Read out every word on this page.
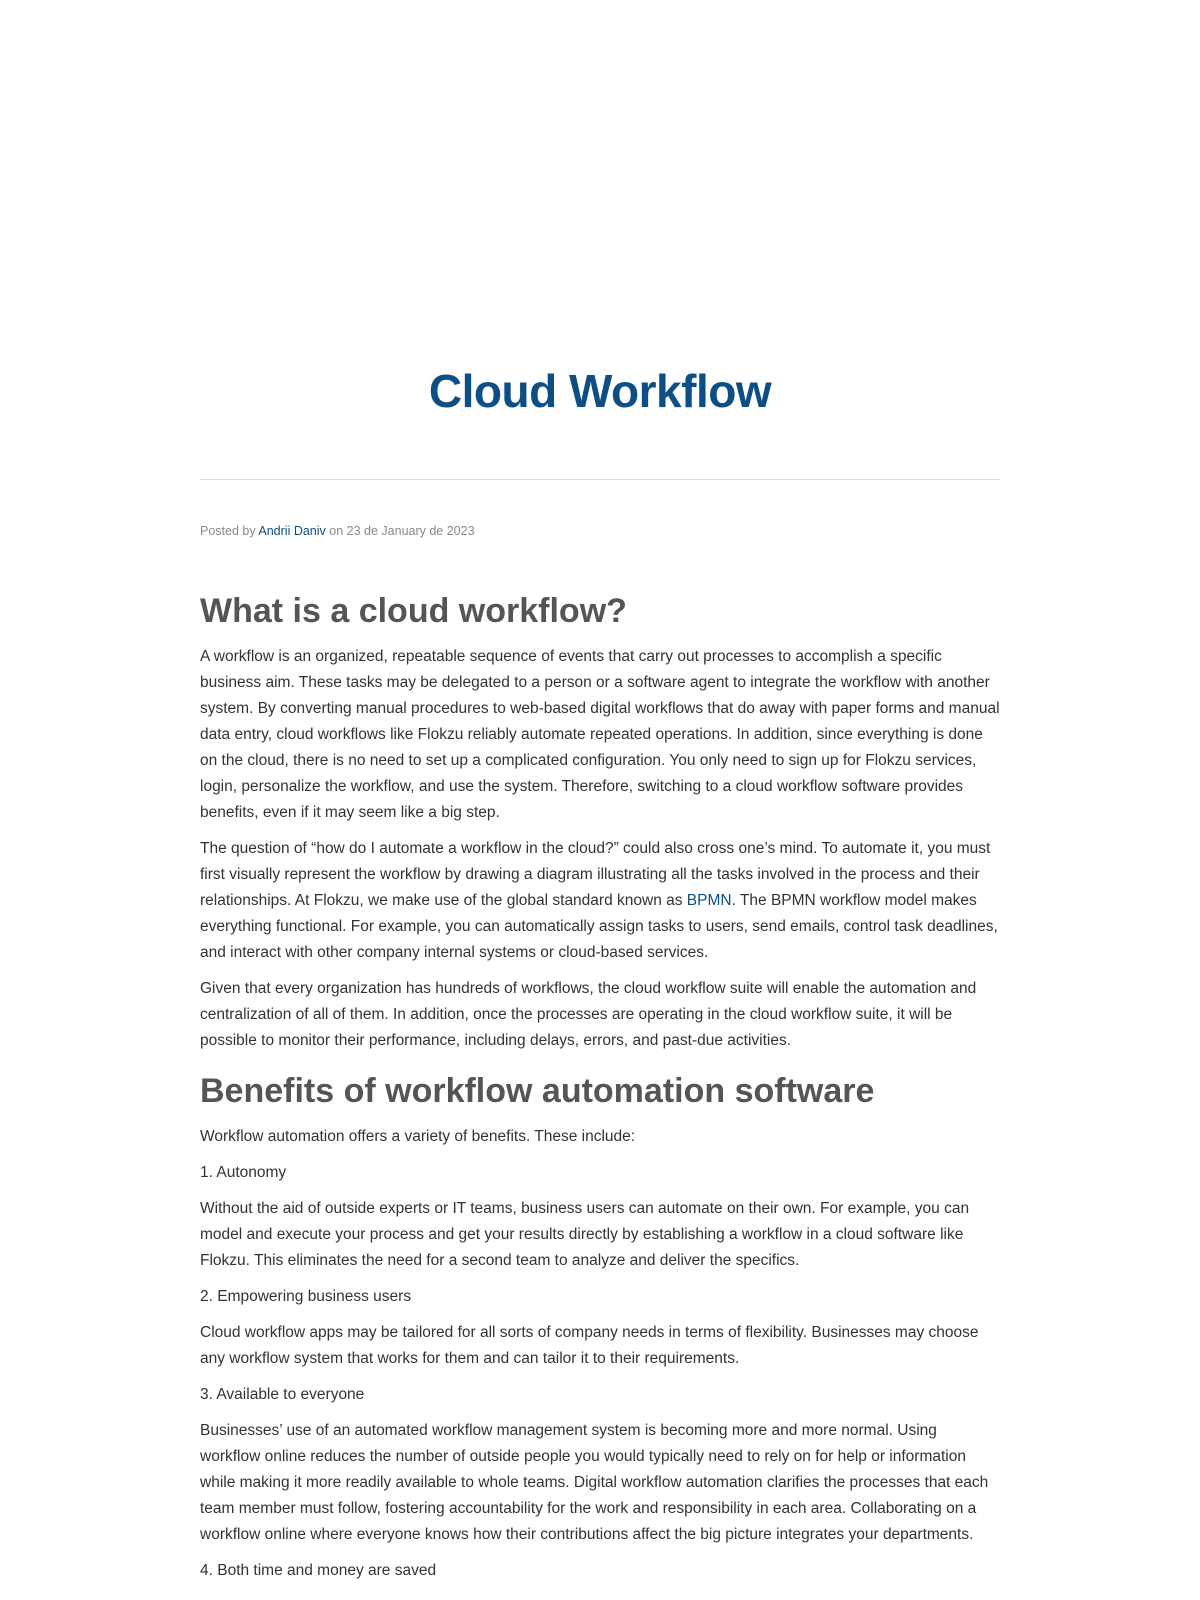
Cloud Workflow
Posted by Andrii Daniv on 23 de January de 2023
What is a cloud workflow?

A workflow is an organized, repeatable sequence of events that carry out processes to accomplish a specific business aim. These tasks may be delegated to a person or a software agent to integrate the workflow with another system. By converting manual procedures to web-based digital workflows that do away with paper forms and manual data entry, cloud workflows like Flokzu reliably automate repeated operations. In addition, since everything is done on the cloud, there is no need to set up a complicated configuration. You only need to sign up for Flokzu services, login, personalize the workflow, and use the system. Therefore, switching to a cloud workflow software provides benefits, even if it may seem like a big step.

The question of “how do I automate a workflow in the cloud?” could also cross one’s mind. To automate it, you must first visually represent the workflow by drawing a diagram illustrating all the tasks involved in the process and their relationships. At Flokzu, we make use of the global standard known as BPMN. The BPMN workflow model makes everything functional. For example, you can automatically assign tasks to users, send emails, control task deadlines, and interact with other company internal systems or cloud-based services.

Given that every organization has hundreds of workflows, the cloud workflow suite will enable the automation and centralization of all of them. In addition, once the processes are operating in the cloud workflow suite, it will be possible to monitor their performance, including delays, errors, and past-due activities.

Benefits of workflow automation software

Workflow automation offers a variety of benefits. These include:

1. Autonomy

Without the aid of outside experts or IT teams, business users can automate on their own. For example, you can model and execute your process and get your results directly by establishing a workflow in a cloud software like Flokzu. This eliminates the need for a second team to analyze and deliver the specifics.

2. Empowering business users

Cloud workflow apps may be tailored for all sorts of company needs in terms of flexibility. Businesses may choose any workflow system that works for them and can tailor it to their requirements.

3. Available to everyone

Businesses’ use of an automated workflow management system is becoming more and more normal. Using workflow online reduces the number of outside people you would typically need to rely on for help or information while making it more readily available to whole teams. Digital workflow automation clarifies the processes that each team member must follow, fostering accountability for the work and responsibility in each area. Collaborating on a workflow online where everyone knows how their contributions affect the big picture integrates your departments.

4. Both time and money are saved
